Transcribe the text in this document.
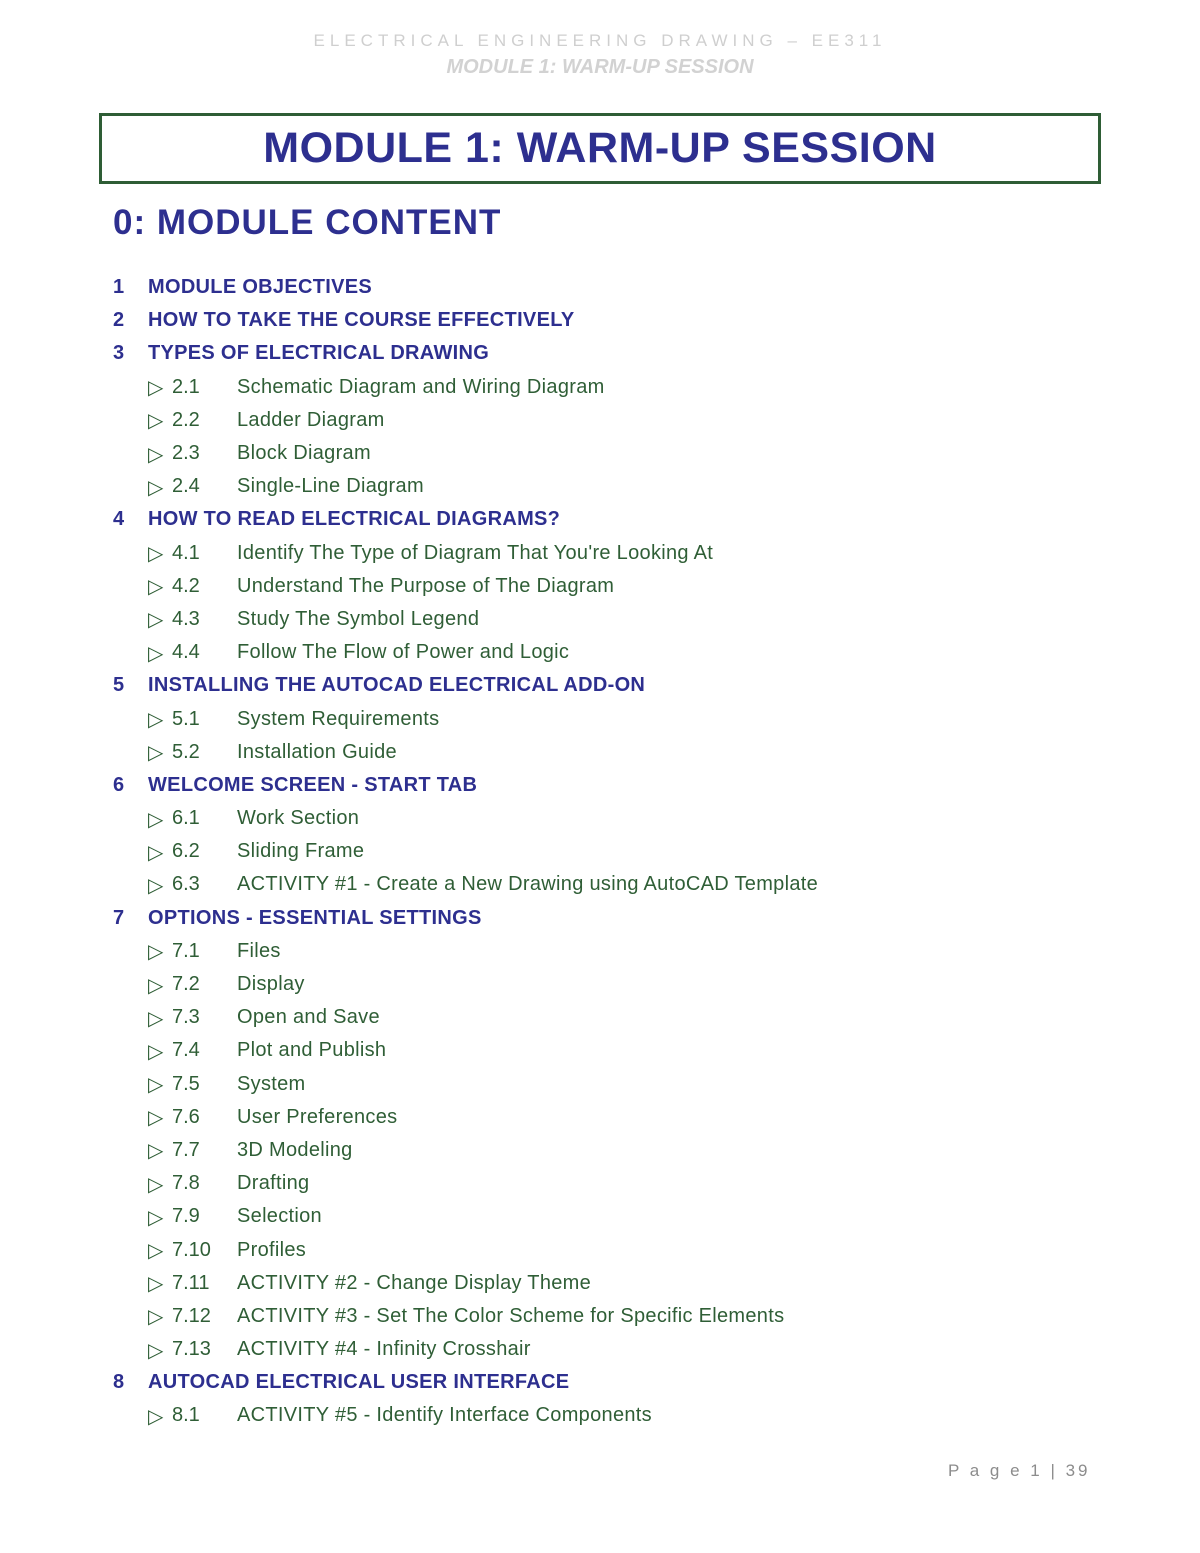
ELECTRICAL ENGINEERING DRAWING – EE311
MODULE 1: WARM-UP SESSION
MODULE 1: WARM-UP SESSION
0: MODULE CONTENT
1	MODULE OBJECTIVES
2	HOW TO TAKE THE COURSE EFFECTIVELY
3	TYPES OF ELECTRICAL DRAWING
▷ 2.1	Schematic Diagram and Wiring Diagram
▷ 2.2	Ladder Diagram
▷ 2.3	Block Diagram
▷ 2.4	Single-Line Diagram
4	HOW TO READ ELECTRICAL DIAGRAMS?
▷ 4.1	Identify The Type of Diagram That You're Looking At
▷ 4.2	Understand The Purpose of The Diagram
▷ 4.3	Study The Symbol Legend
▷ 4.4	Follow The Flow of Power and Logic
5	INSTALLING THE AUTOCAD ELECTRICAL ADD-ON
▷ 5.1	System Requirements
▷ 5.2	Installation Guide
6	WELCOME SCREEN - START TAB
▷ 6.1	Work Section
▷ 6.2	Sliding Frame
▷ 6.3	ACTIVITY #1 - Create a New Drawing using AutoCAD Template
7	OPTIONS - ESSENTIAL SETTINGS
▷ 7.1	Files
▷ 7.2	Display
▷ 7.3	Open and Save
▷ 7.4	Plot and Publish
▷ 7.5	System
▷ 7.6	User Preferences
▷ 7.7	3D Modeling
▷ 7.8	Drafting
▷ 7.9	Selection
▷ 7.10	Profiles
▷ 7.11	ACTIVITY #2 - Change Display Theme
▷ 7.12	ACTIVITY #3 - Set The Color Scheme for Specific Elements
▷ 7.13	ACTIVITY #4 - Infinity Crosshair
8	AUTOCAD ELECTRICAL USER INTERFACE
▷ 8.1	ACTIVITY #5 - Identify Interface Components
P a g e 1 | 39
